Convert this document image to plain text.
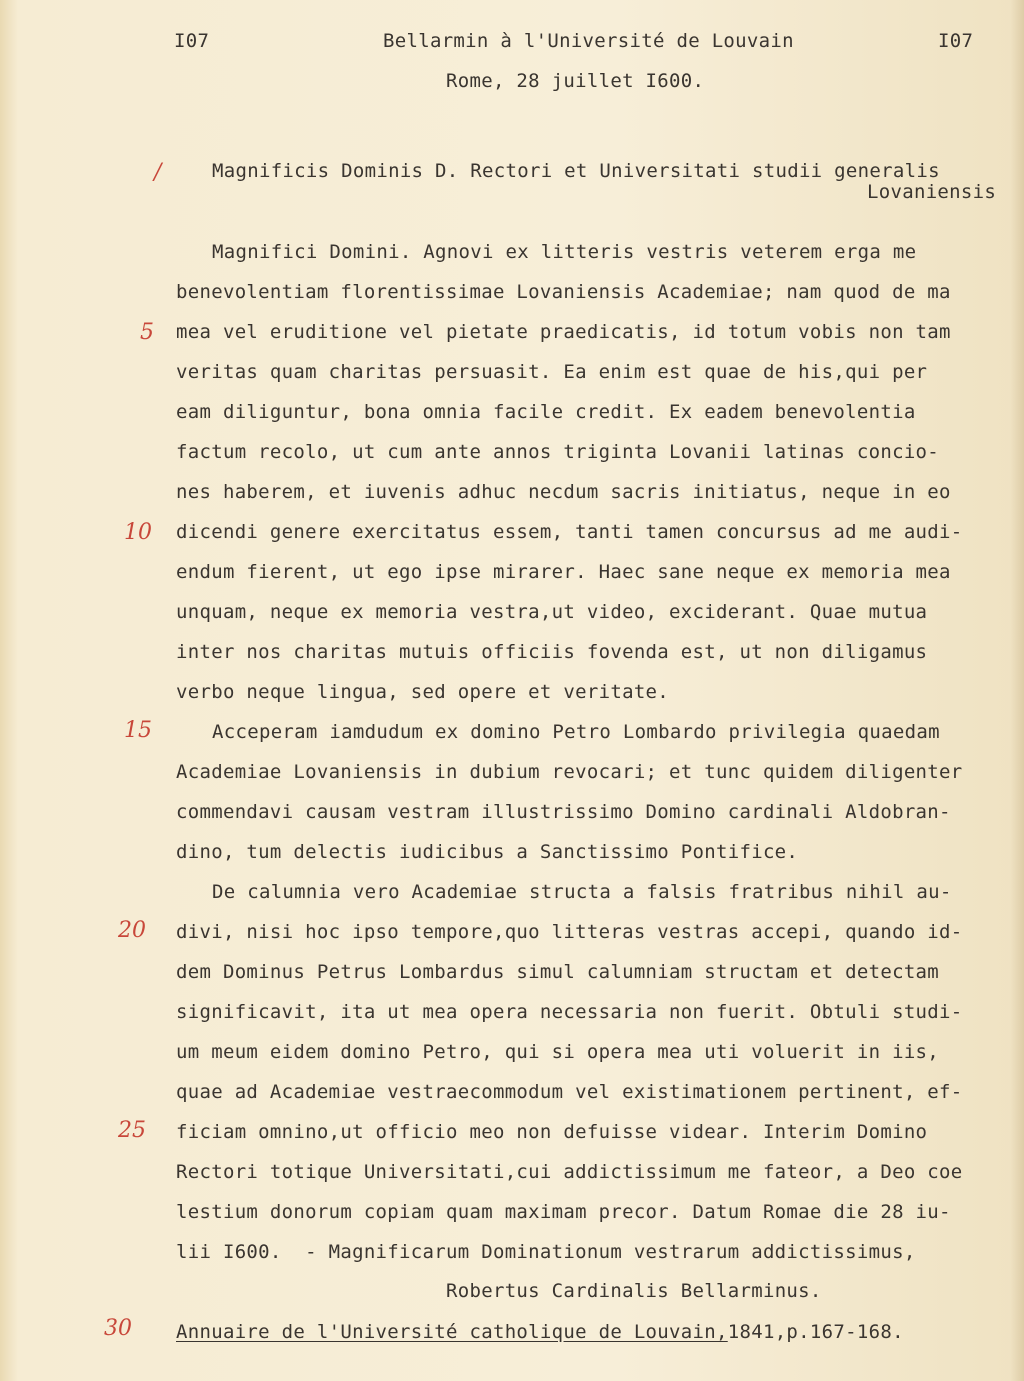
I07	Bellarmin à l'Université de Louvain	I07
Rome, 28 juillet I600.
/	Magnificis Dominis D. Rectori et Universitati studii generalis
Lovaniensis
Magnifici Domini. Agnovi ex litteris vestris veterem erga me
benevolentiam florentissimae Lovaniensis Academiae; nam quod de ma
mea vel eruditione vel pietate praedicatis, id totum vobis non tam
veritas quam charitas persuasit. Ea enim est quae de his,qui per
eam diliguntur, bona omnia facile credit. Ex eadem benevolentia
factum recolo, ut cum ante annos triginta Lovanii latinas concio-
nes haberem, et iuvenis adhuc necdum sacris initiatus, neque in eo
dicendi genere exercitatus essem, tanti tamen concursus ad me audi-
endum fierent, ut ego ipse mirarer. Haec sane neque ex memoria mea
unquam, neque ex memoria vestra,ut video, exciderant. Quae mutua
inter nos charitas mutuis officiis fovenda est, ut non diligamus
verbo neque lingua, sed opere et veritate.
Acceperam iamdudum ex domino Petro Lombardo privilegia quaedam
Academiae Lovaniensis in dubium revocari; et tunc quidem diligenter
commendavi causam vestram illustrissimo Domino cardinali Aldobran-
dino, tum delectis iudicibus a Sanctissimo Pontifice.
De calumnia vero Academiae structa a falsis fratribus nihil au-
divi, nisi hoc ipso tempore,quo litteras vestras accepi, quando id-
dem Dominus Petrus Lombardus simul calumniam structam et detectam
significavit, ita ut mea opera necessaria non fuerit. Obtuli studi-
um meum eidem domino Petro, qui si opera mea uti voluerit in iis,
quae ad Academiae vestraecommodum vel existimationem pertinent, ef-
ficiam omnino,ut officio meo non defuisse videar. Interim Domino
Rectori totique Universitati,cui addictissimum me fateor, a Deo coe
lestium donorum copiam quam maximam precor. Datum Romae die 28 iu-
lii I600.  - Magnificarum Dominationum vestrarum addictissimus,
Robertus Cardinalis Bellarminus.
Annuaire de l'Université catholique de Louvain,1841,p.167-168.
5
10
15
20
25
30
